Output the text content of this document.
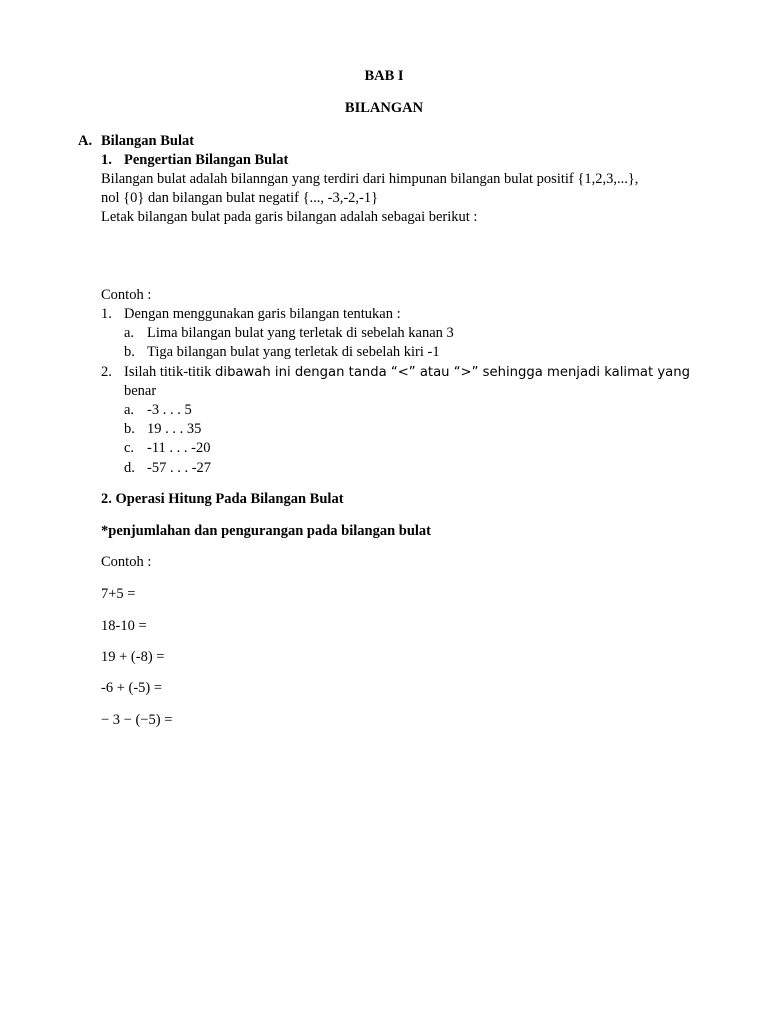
BAB I
BILANGAN
A. Bilangan Bulat
1. Pengertian Bilangan Bulat
Bilangan bulat adalah bilanngan yang terdiri dari himpunan bilangan bulat positif {1,2,3,...},
nol {0} dan bilangan bulat negatif {..., -3,-2,-1}
Letak bilangan bulat pada garis bilangan adalah sebagai berikut :
Contoh :
1. Dengan menggunakan garis bilangan tentukan :
a. Lima bilangan bulat yang terletak di sebelah kanan 3
b. Tiga bilangan bulat yang terletak di sebelah kiri -1
2. Isilah titik-titik dibawah ini dengan tanda “<” atau “>” sehingga menjadi kalimat yang
benar
a. -3 . . . 5
b. 19 . . . 35
c. -11 . . . -20
d. -57 . . . -27
2. Operasi Hitung Pada Bilangan Bulat
*penjumlahan dan pengurangan pada bilangan bulat
Contoh :
7+5 =
18-10 =
19 + (-8) =
-6 + (-5) =
− 3 − (−5) =
